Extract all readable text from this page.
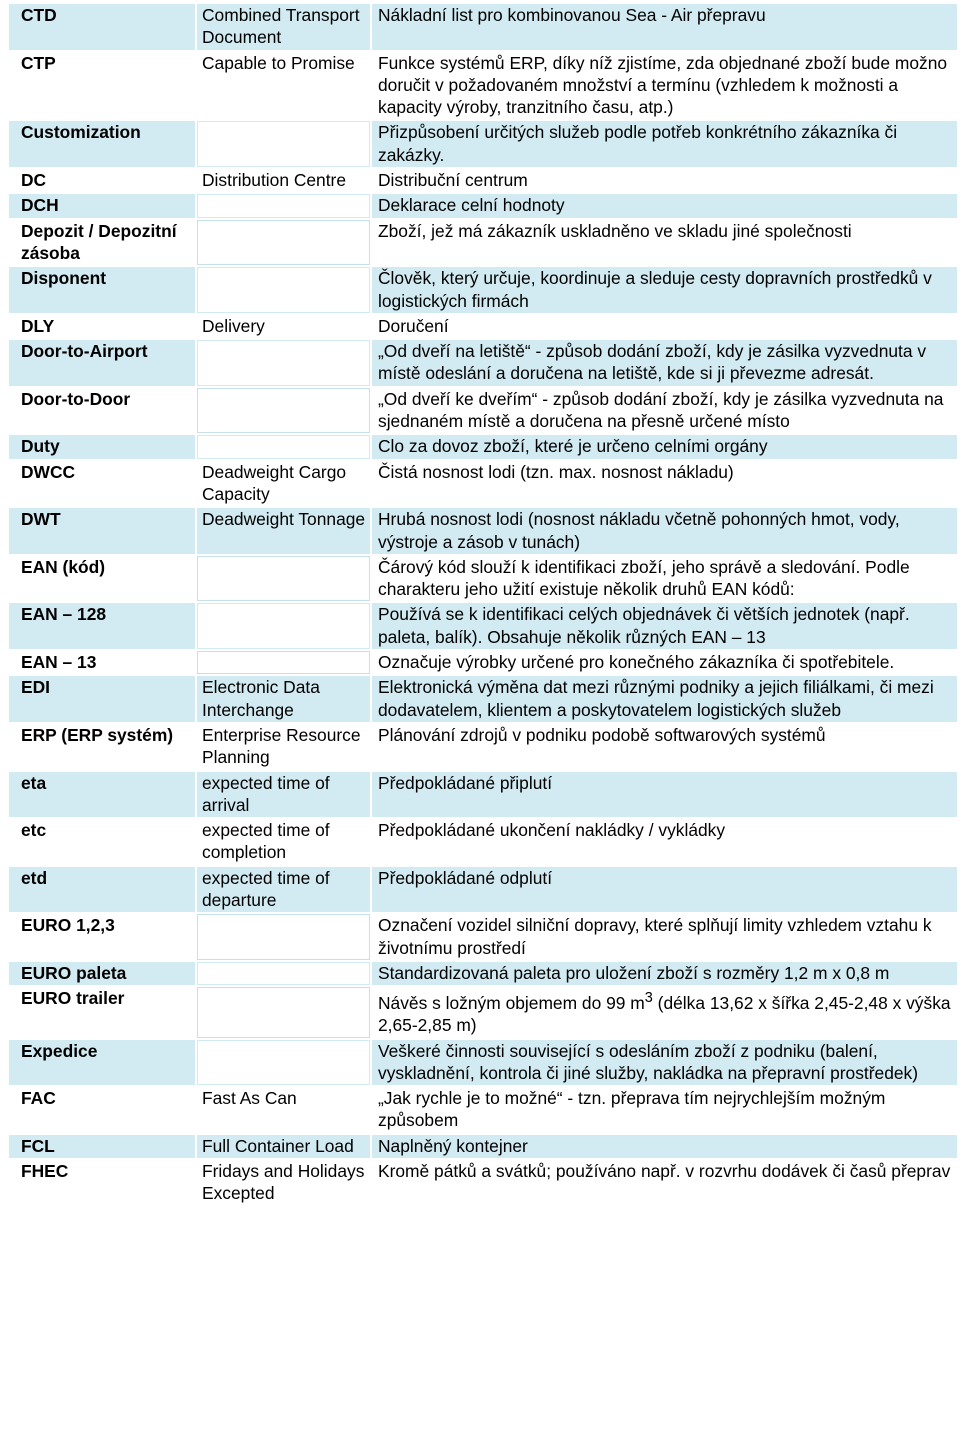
CTD	Combined Transport Document	Nákladní list pro kombinovanou Sea - Air přepravu
CTP	Capable to Promise	Funkce systémů ERP, díky níž zjistíme, zda objednané zboží bude možno doručit v požadovaném množství a termínu (vzhledem k možnosti a kapacity výroby, tranzitního času, atp.)
Customization		Přizpůsobení určitých služeb podle potřeb konkrétního zákazníka či zakázky.
DC	Distribution Centre	Distribuční centrum
DCH		Deklarace celní hodnoty
Depozit / Depozitní zásoba		Zboží, jež má zákazník uskladněno ve skladu jiné společnosti
Disponent		Člověk, který určuje, koordinuje a sleduje cesty dopravních prostředků v logistických firmách
DLY	Delivery	Doručení
Door-to-Airport		„Od dveří na letiště“ - způsob dodání zboží, kdy je zásilka vyzvednuta v místě odeslání a doručena na letiště, kde si ji převezme adresát.
Door-to-Door		„Od dveří ke dveřím“ - způsob dodání zboží, kdy je zásilka vyzvednuta na sjednaném místě a doručena na přesně určené místo
Duty		Clo za dovoz zboží, které je určeno celními orgány
DWCC	Deadweight Cargo Capacity	Čistá nosnost lodi (tzn. max. nosnost nákladu)
DWT	Deadweight Tonnage	Hrubá nosnost lodi (nosnost nákladu včetně pohonných hmot, vody, výstroje a zásob v tunách)
EAN (kód)		Čárový kód slouží k identifikaci zboží, jeho správě a sledování. Podle charakteru jeho užití existuje několik druhů EAN kódů:
EAN – 128		Používá se k identifikaci celých objednávek či větších jednotek (např. paleta, balík). Obsahuje několik různých EAN – 13
EAN – 13		Označuje výrobky určené pro konečného zákazníka či spotřebitele.
EDI	Electronic Data Interchange	Elektronická výměna dat mezi různými podniky a jejich filiálkami, či mezi dodavatelem, klientem a poskytovatelem logistických služeb
ERP (ERP systém)	Enterprise Resource Planning	Plánování zdrojů v podniku podobě softwarových systémů
eta	expected time of arrival	Předpokládané připlutí
etc	expected time of completion	Předpokládané ukončení nakládky / vykládky
etd	expected time of departure	Předpokládané odplutí
EURO 1,2,3		Označení vozidel silniční dopravy, které splňují limity vzhledem vztahu k životnímu prostředí
EURO paleta		Standardizovaná paleta pro uložení zboží s rozměry 1,2 m x 0,8 m
EURO trailer		Návěs s ložným objemem do 99 $m^3$ (délka 13,62 x šířka 2,45-2,48 x výška 2,65-2,85 m)
Expedice		Veškeré činnosti související s odesláním zboží z podniku (balení, vyskladnění, kontrola či jiné služby, nakládka na přepravní prostředek)
FAC	Fast As Can	„Jak rychle je to možné“ - tzn. přeprava tím nejrychlejším možným způsobem
FCL	Full Container Load	Naplněný kontejner
FHEC	Fridays and Holidays Excepted	Kromě pátků a svátků; používáno např. v rozvrhu dodávek či časů přeprav
